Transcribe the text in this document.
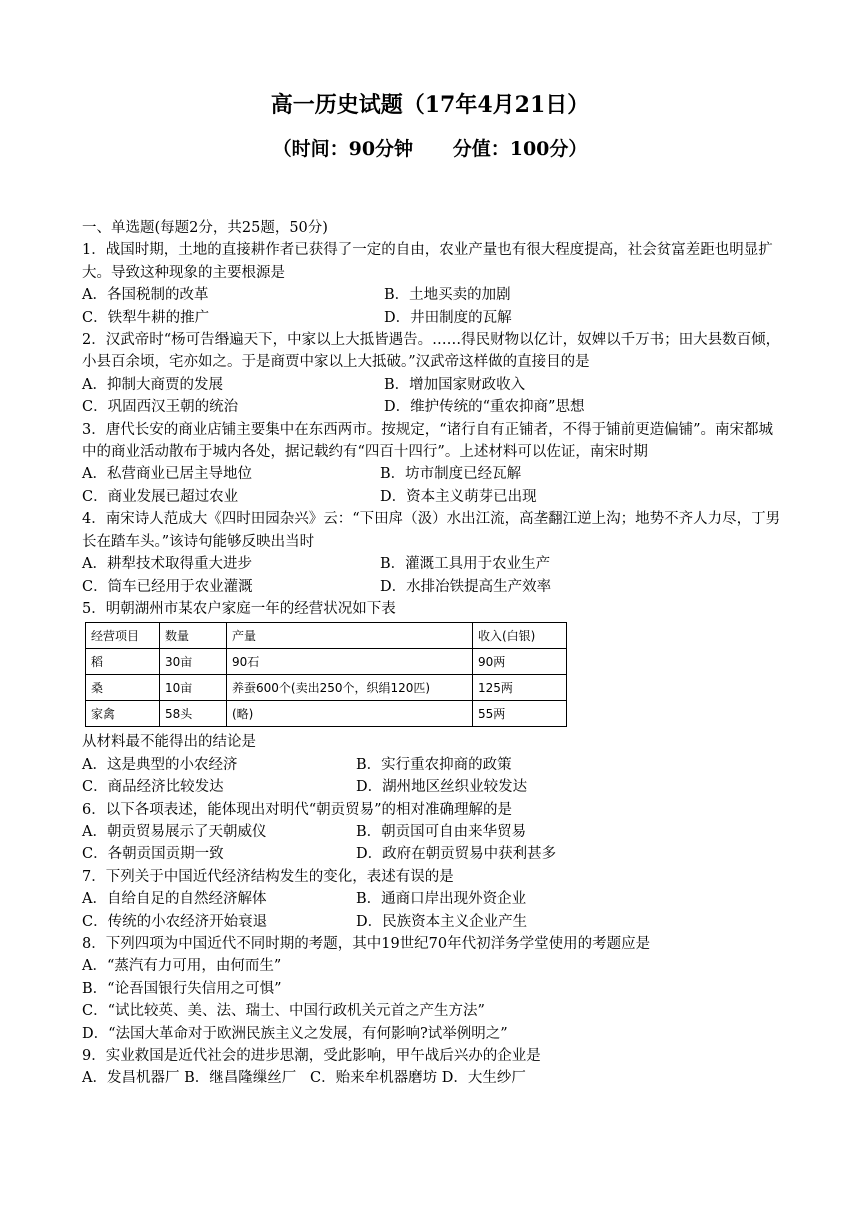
高一历史试题（17年4月21日）
（时间：90分钟      分值：100分）

一、单选题(每题2分，共25题，50分)

1．战国时期，土地的直接耕作者已获得了一定的自由，农业产量也有很大程度提高，社会贫富差距也明显扩大。导致这种现象的主要根源是

A．各国税制的改革	B．土地买卖的加剧
C．铁犁牛耕的推广	D．井田制度的瓦解

2．汉武帝时“杨可告缗遍天下，中家以上大抵皆遇告。……得民财物以亿计，奴婢以千万书；田大县数百倾，小县百余顷，宅亦如之。于是商贾中家以上大抵破。”汉武帝这样做的直接目的是

A．抑制大商贾的发展	B．增加国家财政收入
C．巩固西汉王朝的统治	D．维护传统的“重农抑商”思想

3．唐代长安的商业店铺主要集中在东西两市。按规定，“诸行自有正铺者，不得于铺前更造偏铺”。南宋都城中的商业活动散布于城内各处，据记载约有“四百十四行”。上述材料可以佐证，南宋时期

A．私营商业已居主导地位	B．坊市制度已经瓦解
C．商业发展已超过农业	D．资本主义萌芽已出现

4．南宋诗人范成大《四时田园杂兴》云：“下田戽（汲）水出江流，高垄翻江逆上沟；地势不齐人力尽，丁男长在踏车头。”该诗句能够反映出当时

A．耕犁技术取得重大进步	B．灌溉工具用于农业生产
C．筒车已经用于农业灌溉	D．水排冶铁提高生产效率

5．明朝湖州市某农户家庭一年的经营状况如下表

经营项目	数量	产量	收入(白银)
稻	30亩	90石	90两
桑	10亩	养蚕600个(卖出250个，织绢120匹)	125两
家禽	58头	(略)	55两

从材料最不能得出的结论是

A．这是典型的小农经济	B．实行重农抑商的政策
C．商品经济比较发达	D．湖州地区丝织业较发达

6．以下各项表述，能体现出对明代“朝贡贸易”的相对准确理解的是

A．朝贡贸易展示了天朝威仪	B．朝贡国可自由来华贸易
C．各朝贡国贡期一致	D．政府在朝贡贸易中获利甚多

7．下列关于中国近代经济结构发生的变化，表述有误的是

A．自给自足的自然经济解体	B．通商口岸出现外资企业
C．传统的小农经济开始衰退	D．民族资本主义企业产生

8．下列四项为中国近代不同时期的考题，其中19世纪70年代初洋务学堂使用的考题应是

A．“蒸汽有力可用，由何而生”

B．“论吾国银行失信用之可惧”

C．“试比较英、美、法、瑞士、中国行政机关元首之产生方法”

D．“法国大革命对于欧洲民族主义之发展，有何影响?试举例明之”

9．实业救国是近代社会的进步思潮，受此影响，甲午战后兴办的企业是

A．发昌机器厂 B．继昌隆缫丝厂   C．贻来牟机器磨坊 D．大生纱厂
